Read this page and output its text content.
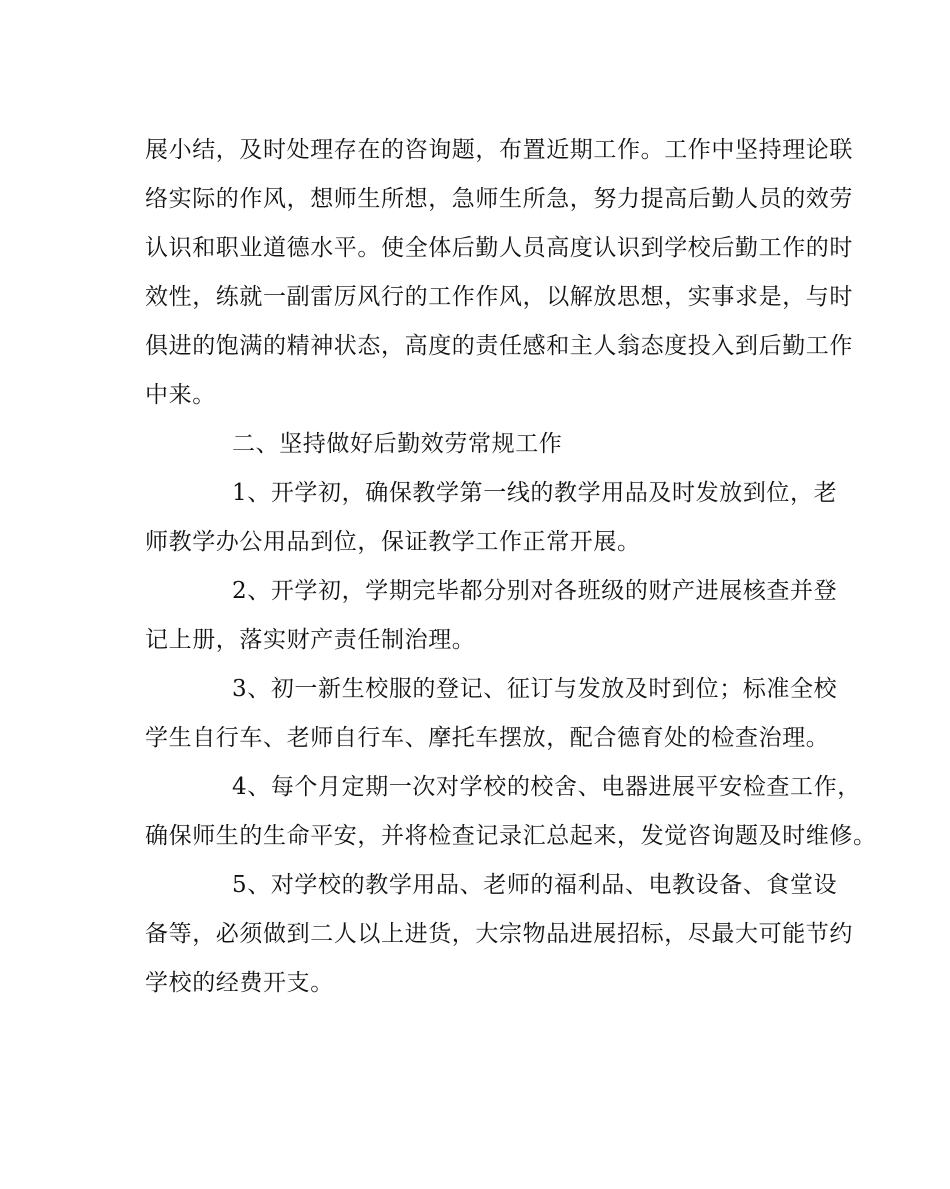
展小结，及时处理存在的咨询题，布置近期工作。工作中坚持理论联

络实际的作风，想师生所想，急师生所急，努力提高后勤人员的效劳

认识和职业道德水平。使全体后勤人员高度认识到学校后勤工作的时

效性，练就一副雷厉风行的工作作风，以解放思想，实事求是，与时

俱进的饱满的精神状态，高度的责任感和主人翁态度投入到后勤工作

中来。

二、坚持做好后勤效劳常规工作

1、开学初，确保教学第一线的教学用品及时发放到位，老

师教学办公用品到位，保证教学工作正常开展。

2、开学初，学期完毕都分别对各班级的财产进展核查并登

记上册，落实财产责任制治理。

3、初一新生校服的登记、征订与发放及时到位；标准全校

学生自行车、老师自行车、摩托车摆放，配合德育处的检查治理。

4、每个月定期一次对学校的校舍、电器进展平安检查工作，

确保师生的生命平安，并将检查记录汇总起来，发觉咨询题及时维修。

5、对学校的教学用品、老师的福利品、电教设备、食堂设

备等，必须做到二人以上进货，大宗物品进展招标，尽最大可能节约

学校的经费开支。
